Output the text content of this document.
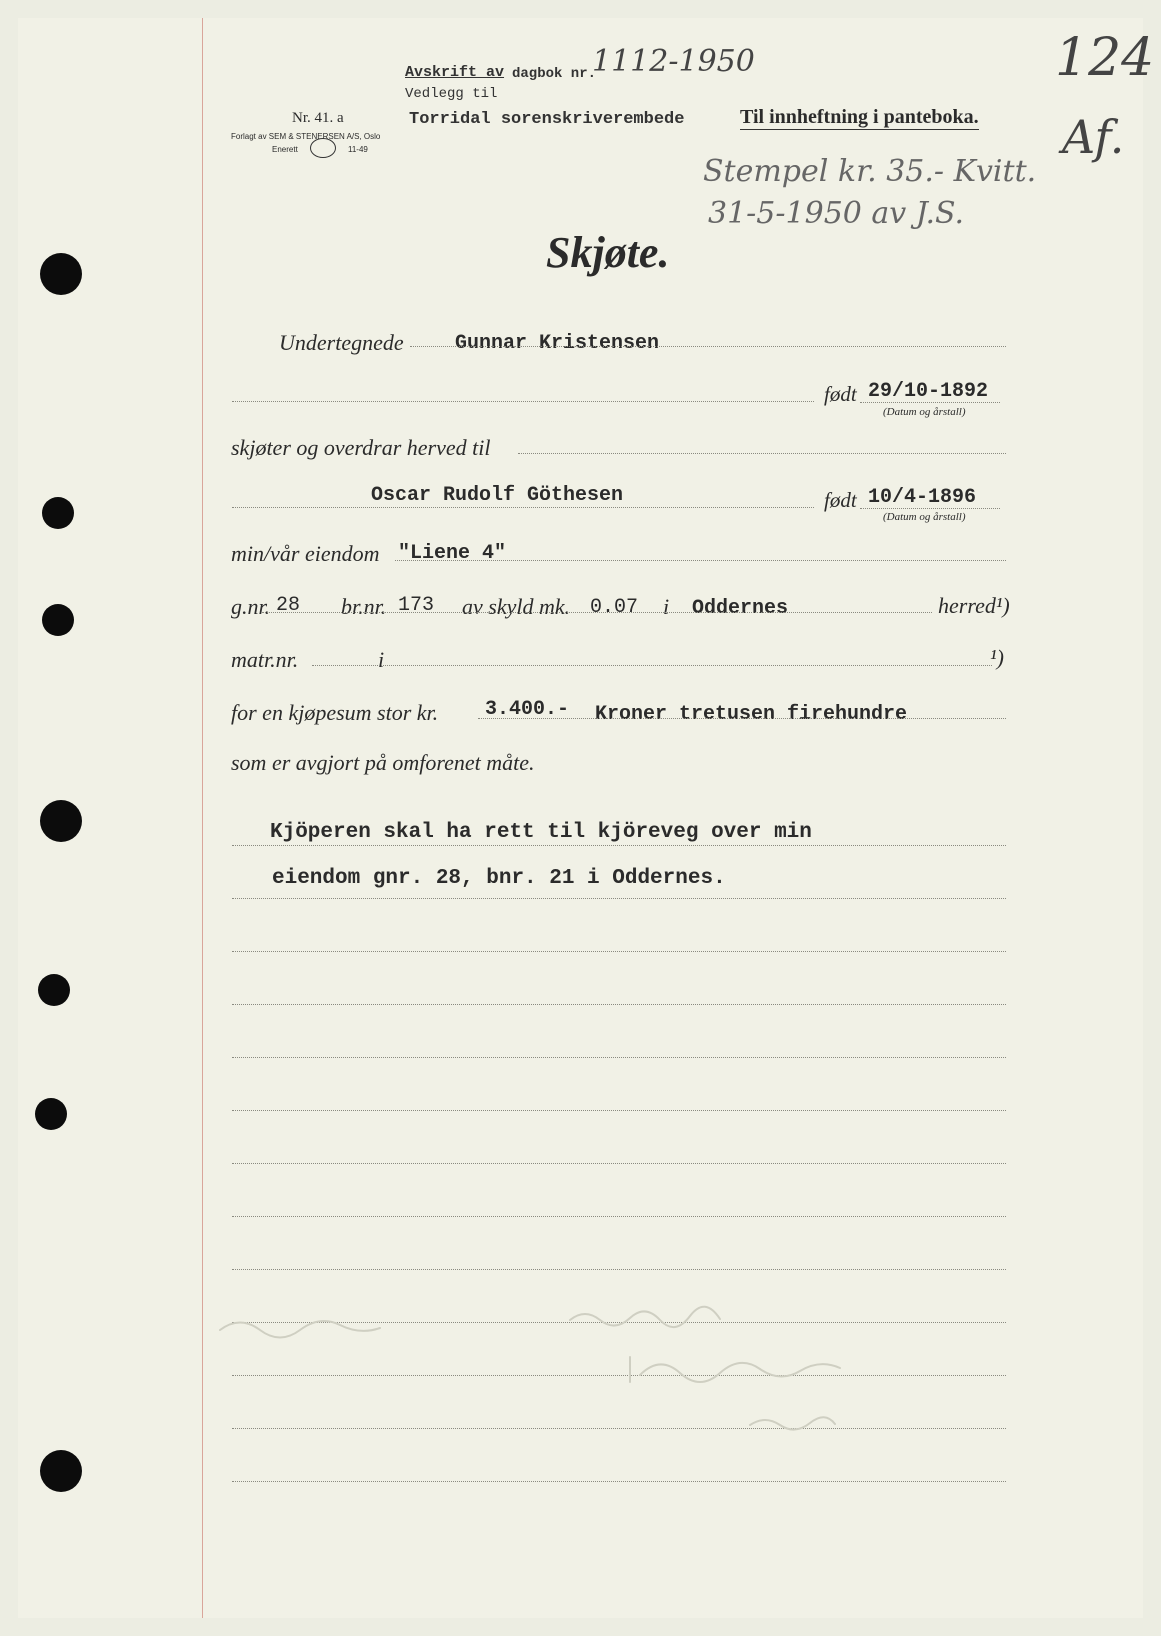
Avskrift av dagbok nr.
1112-1950
Vedlegg til
Torridal sorenskriverembede
Nr. 41. a
Forlagt av SEM & STENERSEN A/S, Oslo
Enerett	11-49
Til innheftning i panteboka.
124
Af.
Stempel kr. 35.- Kvitt.
31-5-1950 av J.S.
Skjøte.
Undertegnede	Gunnar Kristensen
født 29/10-1892
(Datum og årstall)
skjøter og overdrar herved til
Oscar Rudolf Göthesen	født 10/4-1896
(Datum og årstall)
min/vår eiendom "Liene 4"
g.nr. 28 br.nr. 173 av skyld mk. 0.07 i Oddernes	herred¹)
matr.nr.	i	¹)
for en kjøpesum stor kr. 3.400.- Kroner tretusen firehundre
som er avgjort på omforenet måte.
Kjöperen skal ha rett til kjöreveg over min
eiendom gnr. 28, bnr. 21 i Oddernes.
